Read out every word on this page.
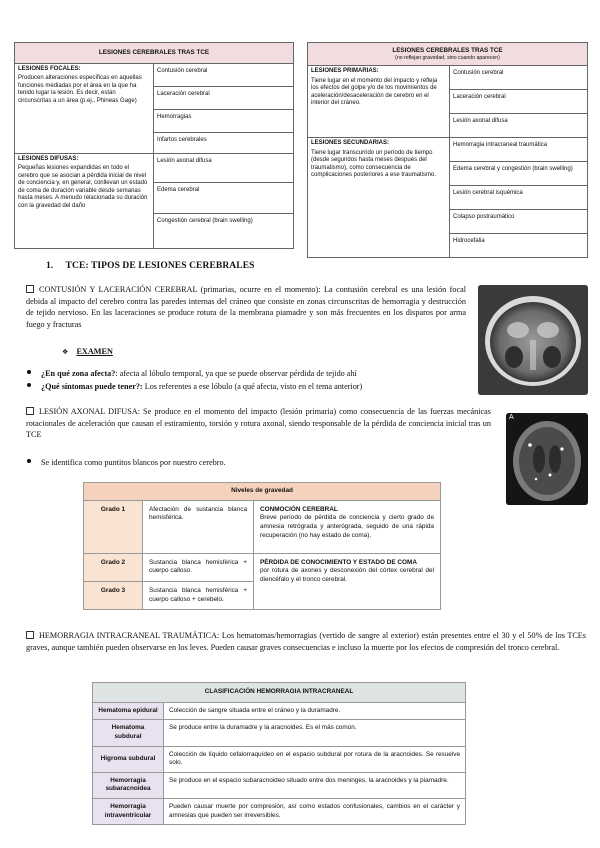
LESIONES CEREBRALES TRAS TCE	

LESIONES FOCALES:
Producen alteraciones específicas en aquellas funciones mediadas por el área en la que ha tenido lugar la lesión. Es decir, están circunscritas a un área (p.ej., Phineas Gage)	Contusión cerebral
	Laceración cerebral
	Hemorragias
	Infartos cerebrales

LESIONES DIFUSAS:
Pequeñas lesiones expandidas en todo el cerebro que se asocian a pérdida inicial de nivel de conciencia y, en general, conllevan un estado de coma de duración variable desde semanas hasta meses. A menudo relacionada su duración con la gravedad del daño	Lesión axonal difusa
	Edema cerebral
	Congestión cerebral (brain swelling)
LESIONES CEREBRALES TRAS TCE
(no reflejan gravedad, sino cuando aparecen)	

LESIONES PRIMARIAS:
Tiene lugar en el momento del impacto y refleja los efectos del golpe y/o de los movimientos de aceleración/desaceleración de cerebro en el interior del cráneo.	Contusión cerebral
	Laceración cerebral
	Lesión axonal difusa

LESIONES SECUNDARIAS:
Tiene lugar transcurrido un período de tiempo (desde segundos hasta meses después del traumatismo), como consecuencia de complicaciones posteriores a ese traumatismo.	Hemorragia intracraneal traumática
	Edema cerebral y congestión (brain swelling)
	Lesión cerebral isquémica
	Colapso postraumático
	Hidrocefalia
1. TCE: TIPOS DE LESIONES CEREBRALES
CONTUSIÓN Y LACERACIÓN CEREBRAL (primarias, ocurre en el momento): La contusión cerebral es una lesión focal debida al impacto del cerebro contra las paredes internas del cráneo que consiste en zonas circunscritas de hemorragia y destrucción de tejido nervioso. En las laceraciones se produce rotura de la membrana piamadre y son más frecuentes en los disparos por arma fuego y fracturas
❖ EXAMEN
¿En qué zona afecta?: afecta al lóbulo temporal, ya que se puede observar pérdida de tejido ahí
¿Qué síntomas puede tener?: Los referentes a ese lóbulo (a qué afecta, visto en el tema anterior)
LESIÓN AXONAL DIFUSA: Se produce en el momento del impacto (lesión primaria) como consecuencia de las fuerzas mecánicas rotacionales de aceleración que causan el estiramiento, torsión y rotura axonal, siendo responsable de la pérdida de conciencia inicial tras un TCE
A
Se identifica como puntitos blancos por nuestro cerebro.
Niveles de gravedad		
Grado 1	Afectación de sustancia blanca hemisférica.	CONMOCIÓN CEREBRAL
Breve período de pérdida de conciencia y cierto grado de amnesia retrógrada y anterógrada, seguido de una rápida recuperación (no hay estado de coma).
Grado 2	Sustancia blanca hemisférica + cuerpo calloso.	PÉRDIDA DE CONOCIMIENTO Y ESTADO DE COMA
por rotura de axones y desconexión del córtex cerebral del diencéfalo y el tronco cerebral.
Grado 3	Sustancia blanca hemisférica + cuerpo calloso + cerebelo.	
HEMORRAGIA INTRACRANEAL TRAUMÁTICA: Los hematomas/hemorragias (vertido de sangre al exterior) están presentes entre el 30 y el 50% de los TCEs graves, aunque también pueden observarse en los leves. Pueden causar graves consecuencias e incluso la muerte por los efectos de compresión del tronco cerebral.
CLASIFICACIÓN HEMORRAGIA INTRACRANEAL	
Hematoma epidural	Colección de sangre situada entre el cráneo y la duramadre.
Hematoma subdural	Se produce entre la duramadre y la aracnoides. Es el más común.
Higroma subdural	Colección de líquido cefalorraquídeo en el espacio subdural por rotura de la aracnoides. Se resuelve solo.
Hemorragia subaracnoidea	Se produce en el espacio subaracnoideo situado entre dos meninges, la aracnoides y la piamadre.
Hemorragia intraventricular	Pueden causar muerte por compresión, así como estados confusionales, cambios en el carácter y amnesias que pueden ser irreversibles.
